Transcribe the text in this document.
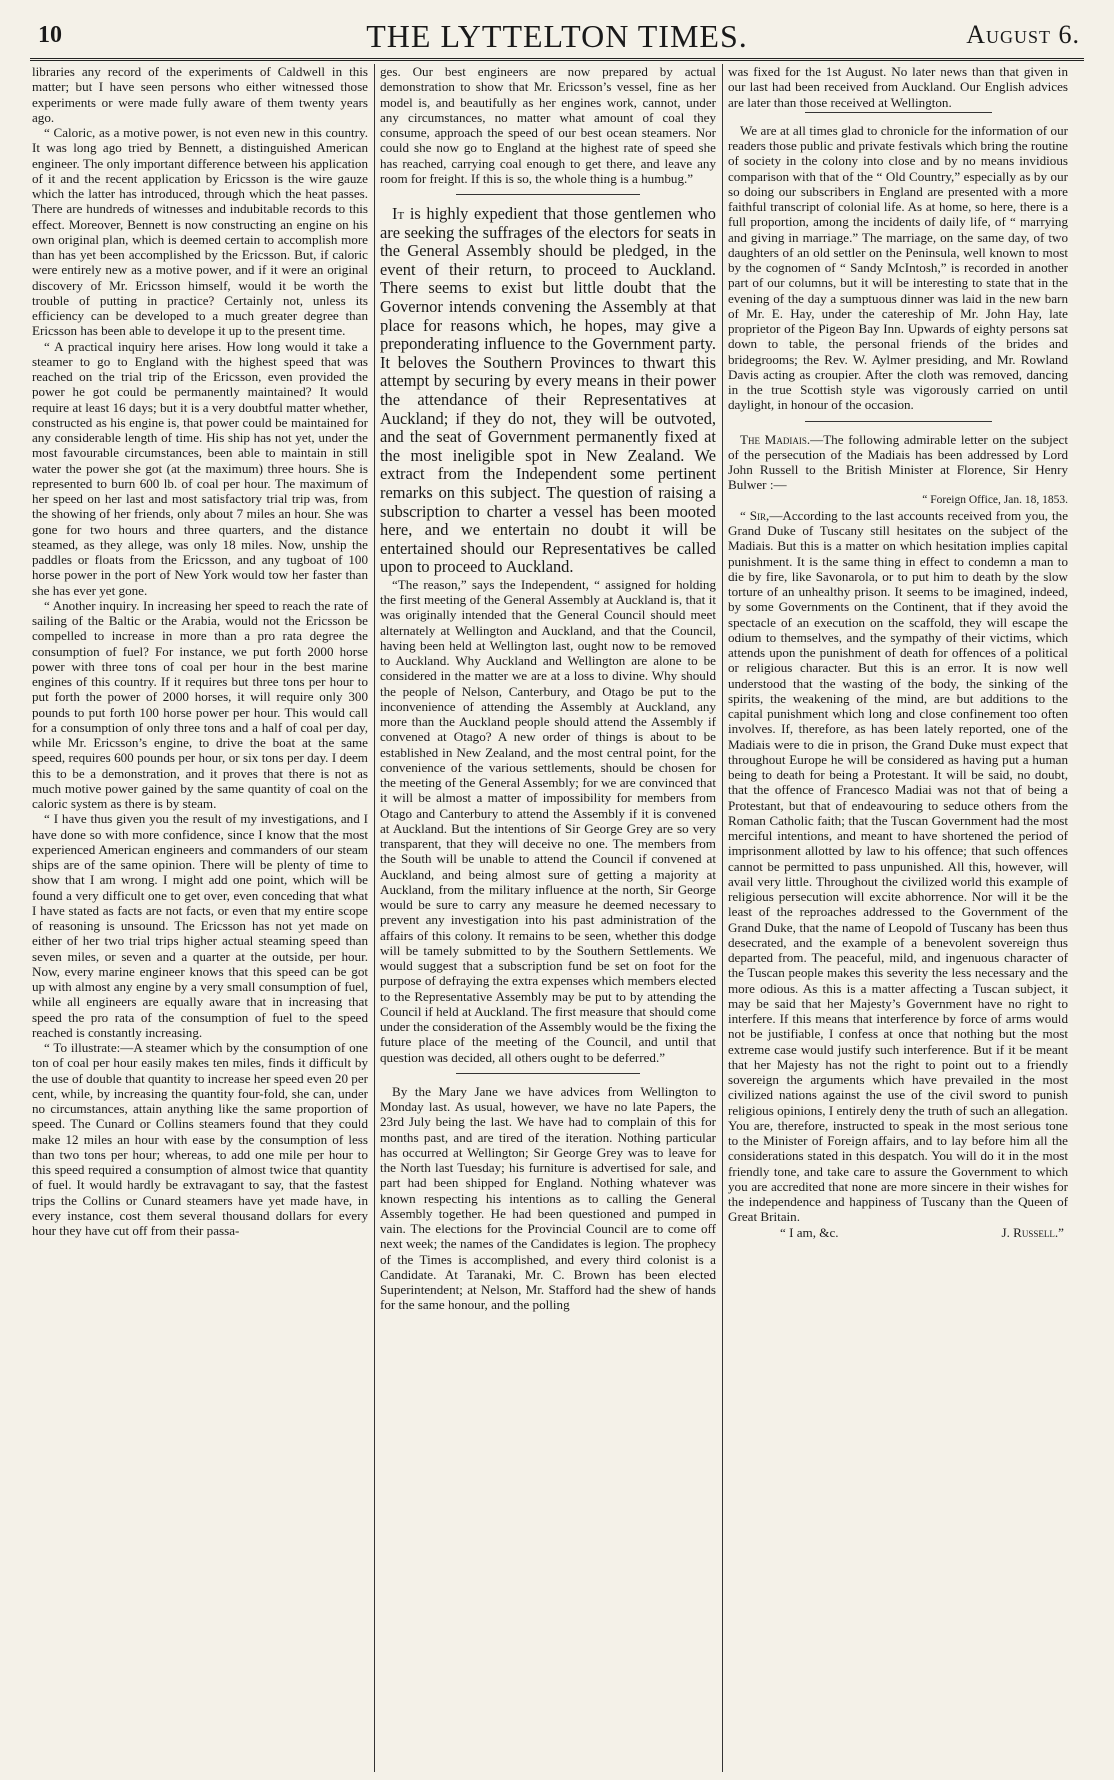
10	THE LYTTELTON TIMES.	August 6.

libraries any record of the experiments of Caldwell in this matter; but I have seen persons who either witnessed those experiments or were made fully aware of them twenty years ago.

“ Caloric, as a motive power, is not even new in this country. It was long ago tried by Bennett, a distinguished American engineer. The only important difference between his application of it and the recent application by Ericsson is the wire gauze which the latter has introduced, through which the heat passes. There are hundreds of witnesses and indubitable records to this effect. Moreover, Bennett is now constructing an engine on his own original plan, which is deemed certain to accomplish more than has yet been accomplished by the Ericsson. But, if caloric were entirely new as a motive power, and if it were an original discovery of Mr. Ericsson himself, would it be worth the trouble of putting in practice? Certainly not, unless its efficiency can be developed to a much greater degree than Ericsson has been able to develope it up to the present time.

“ A practical inquiry here arises. How long would it take a steamer to go to England with the highest speed that was reached on the trial trip of the Ericsson, even provided the power he got could be permanently maintained? It would require at least 16 days; but it is a very doubtful matter whether, constructed as his engine is, that power could be maintained for any considerable length of time. His ship has not yet, under the most favourable circumstances, been able to maintain in still water the power she got (at the maximum) three hours. She is represented to burn 600 lb. of coal per hour. The maximum of her speed on her last and most satisfactory trial trip was, from the showing of her friends, only about 7 miles an hour. She was gone for two hours and three quarters, and the distance steamed, as they allege, was only 18 miles. Now, unship the paddles or floats from the Ericsson, and any tugboat of 100 horse power in the port of New York would tow her faster than she has ever yet gone.

“ Another inquiry. In increasing her speed to reach the rate of sailing of the Baltic or the Arabia, would not the Ericsson be compelled to increase in more than a pro rata degree the consumption of fuel? For instance, we put forth 2000 horse power with three tons of coal per hour in the best marine engines of this country. If it requires but three tons per hour to put forth the power of 2000 horses, it will require only 300 pounds to put forth 100 horse power per hour. This would call for a consumption of only three tons and a half of coal per day, while Mr. Ericsson’s engine, to drive the boat at the same speed, requires 600 pounds per hour, or six tons per day. I deem this to be a demonstration, and it proves that there is not as much motive power gained by the same quantity of coal on the caloric system as there is by steam.

“ I have thus given you the result of my investigations, and I have done so with more confidence, since I know that the most experienced American engineers and commanders of our steam ships are of the same opinion. There will be plenty of time to show that I am wrong. I might add one point, which will be found a very difficult one to get over, even conceding that what I have stated as facts are not facts, or even that my entire scope of reasoning is unsound. The Ericsson has not yet made on either of her two trial trips higher actual steaming speed than seven miles, or seven and a quarter at the outside, per hour. Now, every marine engineer knows that this speed can be got up with almost any engine by a very small consumption of fuel, while all engineers are equally aware that in increasing that speed the pro rata of the consumption of fuel to the speed reached is constantly increasing.

“ To illustrate:—A steamer which by the consumption of one ton of coal per hour easily makes ten miles, finds it difficult by the use of double that quantity to increase her speed even 20 per cent, while, by increasing the quantity four-fold, she can, under no circumstances, attain anything like the same proportion of speed. The Cunard or Collins steamers found that they could make 12 miles an hour with ease by the consumption of less than two tons per hour; whereas, to add one mile per hour to this speed required a consumption of almost twice that quantity of fuel. It would hardly be extravagant to say, that the fastest trips the Collins or Cunard steamers have yet made have, in every instance, cost them several thousand dollars for every hour they have cut off from their passa-

ges. Our best engineers are now prepared by actual demonstration to show that Mr. Ericsson’s vessel, fine as her model is, and beautifully as her engines work, cannot, under any circumstances, no matter what amount of coal they consume, approach the speed of our best ocean steamers. Nor could she now go to England at the highest rate of speed she has reached, carrying coal enough to get there, and leave any room for freight. If this is so, the whole thing is a humbug.”

It is highly expedient that those gentlemen who are seeking the suffrages of the electors for seats in the General Assembly should be pledged, in the event of their return, to proceed to Auckland. There seems to exist but little doubt that the Governor intends convening the Assembly at that place for reasons which, he hopes, may give a preponderating influence to the Government party. It beloves the Southern Provinces to thwart this attempt by securing by every means in their power the attendance of their Representatives at Auckland; if they do not, they will be outvoted, and the seat of Government permanently fixed at the most ineligible spot in New Zealand. We extract from the Independent some pertinent remarks on this subject. The question of raising a subscription to charter a vessel has been mooted here, and we entertain no doubt it will be entertained should our Representatives be called upon to proceed to Auckland.

“The reason,” says the Independent, “ assigned for holding the first meeting of the General Assembly at Auckland is, that it was originally intended that the General Council should meet alternately at Wellington and Auckland, and that the Council, having been held at Wellington last, ought now to be removed to Auckland. Why Auckland and Wellington are alone to be considered in the matter we are at a loss to divine. Why should the people of Nelson, Canterbury, and Otago be put to the inconvenience of attending the Assembly at Auckland, any more than the Auckland people should attend the Assembly if convened at Otago? A new order of things is about to be established in New Zealand, and the most central point, for the convenience of the various settlements, should be chosen for the meeting of the General Assembly; for we are convinced that it will be almost a matter of impossibility for members from Otago and Canterbury to attend the Assembly if it is convened at Auckland. But the intentions of Sir George Grey are so very transparent, that they will deceive no one. The members from the South will be unable to attend the Council if convened at Auckland, and being almost sure of getting a majority at Auckland, from the military influence at the north, Sir George would be sure to carry any measure he deemed necessary to prevent any investigation into his past administration of the affairs of this colony. It remains to be seen, whether this dodge will be tamely submitted to by the Southern Settlements. We would suggest that a subscription fund be set on foot for the purpose of defraying the extra expenses which members elected to the Representative Assembly may be put to by attending the Council if held at Auckland. The first measure that should come under the consideration of the Assembly would be the fixing the future place of the meeting of the Council, and until that question was decided, all others ought to be deferred.”

By the Mary Jane we have advices from Wellington to Monday last. As usual, however, we have no late Papers, the 23rd July being the last. We have had to complain of this for months past, and are tired of the iteration. Nothing particular has occurred at Wellington; Sir George Grey was to leave for the North last Tuesday; his furniture is advertised for sale, and part had been shipped for England. Nothing whatever was known respecting his intentions as to calling the General Assembly together. He had been questioned and pumped in vain. The elections for the Provincial Council are to come off next week; the names of the Candidates is legion. The prophecy of the Times is accomplished, and every third colonist is a Candidate. At Taranaki, Mr. C. Brown has been elected Superintendent; at Nelson, Mr. Stafford had the shew of hands for the same honour, and the polling

was fixed for the 1st August. No later news than that given in our last had been received from Auckland. Our English advices are later than those received at Wellington.

We are at all times glad to chronicle for the information of our readers those public and private festivals which bring the routine of society in the colony into close and by no means invidious comparison with that of the “ Old Country,” especially as by our so doing our subscribers in England are presented with a more faithful transcript of colonial life. As at home, so here, there is a full proportion, among the incidents of daily life, of “ marrying and giving in marriage.” The marriage, on the same day, of two daughters of an old settler on the Peninsula, well known to most by the cognomen of “ Sandy McIntosh,” is recorded in another part of our columns, but it will be interesting to state that in the evening of the day a sumptuous dinner was laid in the new barn of Mr. E. Hay, under the catereship of Mr. John Hay, late proprietor of the Pigeon Bay Inn. Upwards of eighty persons sat down to table, the personal friends of the brides and bridegrooms; the Rev. W. Aylmer presiding, and Mr. Rowland Davis acting as croupier. After the cloth was removed, dancing in the true Scottish style was vigorously carried on until daylight, in honour of the occasion.

The Madiais.—The following admirable letter on the subject of the persecution of the Madiais has been addressed by Lord John Russell to the British Minister at Florence, Sir Henry Bulwer :—

“ Foreign Office, Jan. 18, 1853.

“ Sir,—According to the last accounts received from you, the Grand Duke of Tuscany still hesitates on the subject of the Madiais. But this is a matter on which hesitation implies capital punishment. It is the same thing in effect to condemn a man to die by fire, like Savonarola, or to put him to death by the slow torture of an unhealthy prison. It seems to be imagined, indeed, by some Governments on the Continent, that if they avoid the spectacle of an execution on the scaffold, they will escape the odium to themselves, and the sympathy of their victims, which attends upon the punishment of death for offences of a political or religious character. But this is an error. It is now well understood that the wasting of the body, the sinking of the spirits, the weakening of the mind, are but additions to the capital punishment which long and close confinement too often involves. If, therefore, as has been lately reported, one of the Madiais were to die in prison, the Grand Duke must expect that throughout Europe he will be considered as having put a human being to death for being a Protestant. It will be said, no doubt, that the offence of Francesco Madiai was not that of being a Protestant, but that of endeavouring to seduce others from the Roman Catholic faith; that the Tuscan Government had the most merciful intentions, and meant to have shortened the period of imprisonment allotted by law to his offence; that such offences cannot be permitted to pass unpunished. All this, however, will avail very little. Throughout the civilized world this example of religious persecution will excite abhorrence. Nor will it be the least of the reproaches addressed to the Government of the Grand Duke, that the name of Leopold of Tuscany has been thus desecrated, and the example of a benevolent sovereign thus departed from. The peaceful, mild, and ingenuous character of the Tuscan people makes this severity the less necessary and the more odious. As this is a matter affecting a Tuscan subject, it may be said that her Majesty’s Government have no right to interfere. If this means that interference by force of arms would not be justifiable, I confess at once that nothing but the most extreme case would justify such interference. But if it be meant that her Majesty has not the right to point out to a friendly sovereign the arguments which have prevailed in the most civilized nations against the use of the civil sword to punish religious opinions, I entirely deny the truth of such an allegation. You are, therefore, instructed to speak in the most serious tone to the Minister of Foreign affairs, and to lay before him all the considerations stated in this despatch. You will do it in the most friendly tone, and take care to assure the Government to which you are accredited that none are more sincere in their wishes for the independence and happiness of Tuscany than the Queen of Great Britain.

“ I am, &c.	J. Russell.”
